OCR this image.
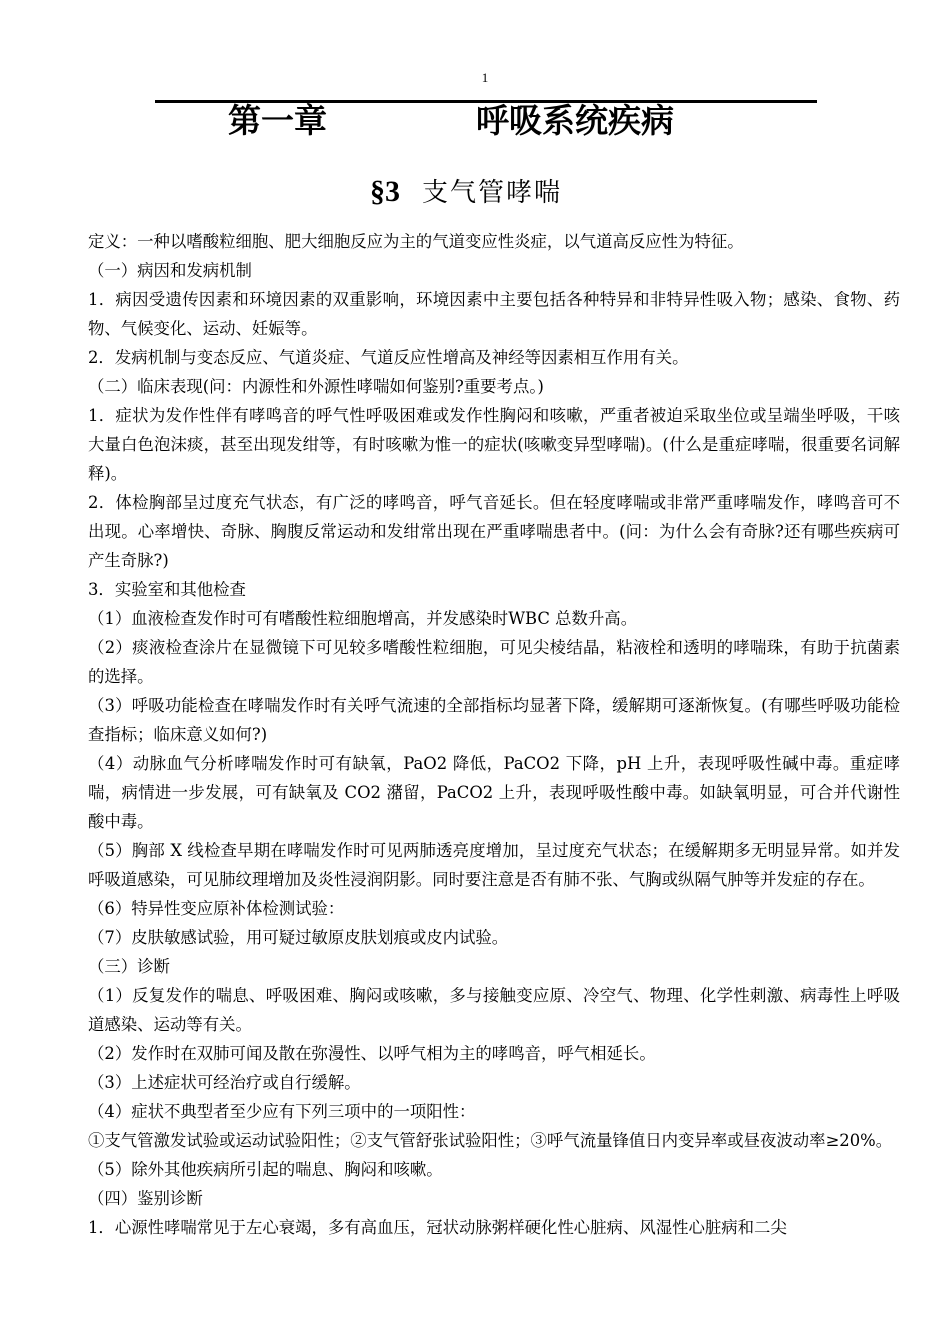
1
第一章	呼吸系统疾病
§3 支气管哮喘

定义：一种以嗜酸粒细胞、肥大细胞反应为主的气道变应性炎症，以气道高反应性为特征。

（一）病因和发病机制

1．病因受遗传因素和环境因素的双重影响，环境因素中主要包括各种特异和非特异性吸入物；感染、食物、药物、气候变化、运动、妊娠等。

2．发病机制与变态反应、气道炎症、气道反应性增高及神经等因素相互作用有关。

（二）临床表现(问：内源性和外源性哮喘如何鉴别?重要考点。)

1．症状为发作性伴有哮鸣音的呼气性呼吸困难或发作性胸闷和咳嗽，严重者被迫采取坐位或呈端坐呼吸，干咳大量白色泡沫痰，甚至出现发绀等，有时咳嗽为惟一的症状(咳嗽变异型哮喘)。(什么是重症哮喘，很重要名词解释)。

2．体检胸部呈过度充气状态，有广泛的哮鸣音，呼气音延长。但在轻度哮喘或非常严重哮喘发作，哮鸣音可不出现。心率增快、奇脉、胸腹反常运动和发绀常出现在严重哮喘患者中。(问：为什么会有奇脉?还有哪些疾病可产生奇脉?)

3．实验室和其他检查

（1）血液检查发作时可有嗜酸性粒细胞增高，并发感染时WBC 总数升高。

（2）痰液检查涂片在显微镜下可见较多嗜酸性粒细胞，可见尖棱结晶，粘液栓和透明的哮喘珠，有助于抗菌素的选择。

（3）呼吸功能检查在哮喘发作时有关呼气流速的全部指标均显著下降，缓解期可逐渐恢复。(有哪些呼吸功能检查指标；临床意义如何?)

（4）动脉血气分析哮喘发作时可有缺氧，PaO2 降低，PaCO2 下降，pH 上升，表现呼吸性碱中毒。重症哮喘，病情进一步发展，可有缺氧及 CO2 潴留，PaCO2 上升，表现呼吸性酸中毒。如缺氧明显，可合并代谢性酸中毒。

（5）胸部 X 线检查早期在哮喘发作时可见两肺透亮度增加，呈过度充气状态；在缓解期多无明显异常。如并发呼吸道感染，可见肺纹理增加及炎性浸润阴影。同时要注意是否有肺不张、气胸或纵隔气肿等并发症的存在。

（6）特异性变应原补体检测试验：

（7）皮肤敏感试验，用可疑过敏原皮肤划痕或皮内试验。

（三）诊断

（1）反复发作的喘息、呼吸困难、胸闷或咳嗽，多与接触变应原、冷空气、物理、化学性刺激、病毒性上呼吸道感染、运动等有关。

（2）发作时在双肺可闻及散在弥漫性、以呼气相为主的哮鸣音，呼气相延长。

（3）上述症状可经治疗或自行缓解。

（4）症状不典型者至少应有下列三项中的一项阳性：

①支气管激发试验或运动试验阳性；②支气管舒张试验阳性；③呼气流量锋值日内变异率或昼夜波动率≥20%。

（5）除外其他疾病所引起的喘息、胸闷和咳嗽。

（四）鉴别诊断

1．心源性哮喘常见于左心衰竭，多有高血压，冠状动脉粥样硬化性心脏病、风湿性心脏病和二尖
